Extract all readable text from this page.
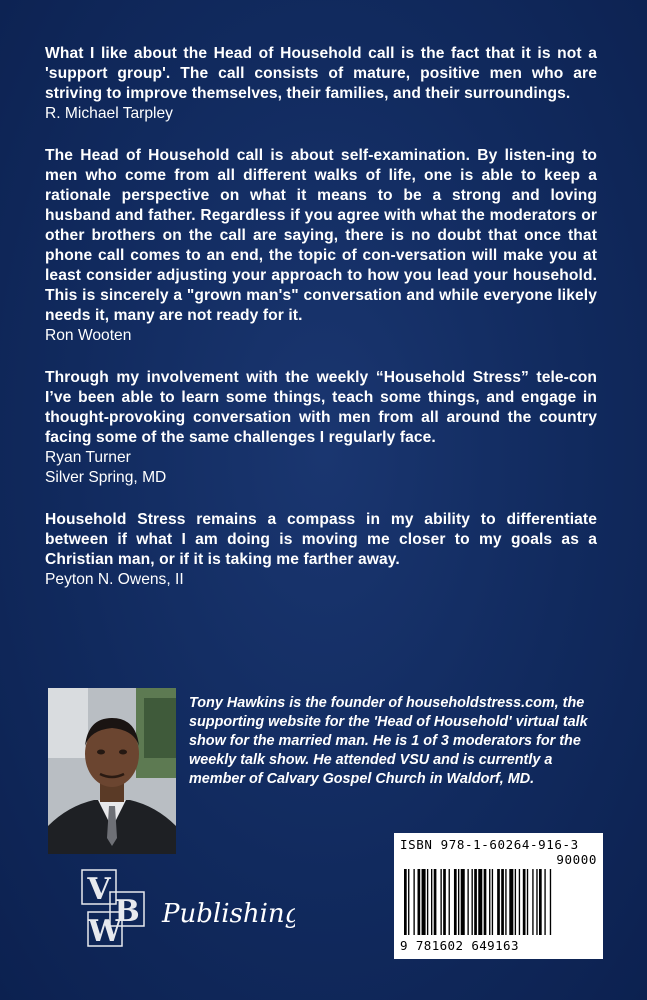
What I like about the Head of Household call is the fact that it is not a 'support group'. The call consists of mature, positive men who are striving to improve themselves, their families, and their surroundings.

R. Michael Tarpley

The Head of Household call is about self-examination. By listen-ing to men who come from all different walks of life, one is able to keep a rationale perspective on what it means to be a strong and loving husband and father. Regardless if you agree with what the moderators or other brothers on the call are saying, there is no doubt that once that phone call comes to an end, the topic of con-versation will make you at least consider adjusting your approach to how you lead your household. This is sincerely a "grown man's" conversation and while everyone likely needs it, many are not ready for it.

Ron Wooten

Through my involvement with the weekly “Household Stress” tele-con I’ve been able to learn some things, teach some things, and engage in thought-provoking conversation with men from all around the country facing some of the same challenges I regularly face.

Ryan Turner
Silver Spring, MD

Household Stress remains a compass in my ability to differentiate between if what I am doing is moving me closer to my goals as a Christian man, or if it is taking me farther away.

Peyton N. Owens, II
Tony Hawkins is the founder of householdstress.com, the supporting website for the 'Head of Household' virtual talk show for the married man. He is 1 of 3 moderators for the weekly talk show. He attended VSU and is currently a member of Calvary Gospel Church in Waldorf, MD.
V
B
W Publishing
ISBN 978-1-60264-916-3
90000
9 781602 649163
